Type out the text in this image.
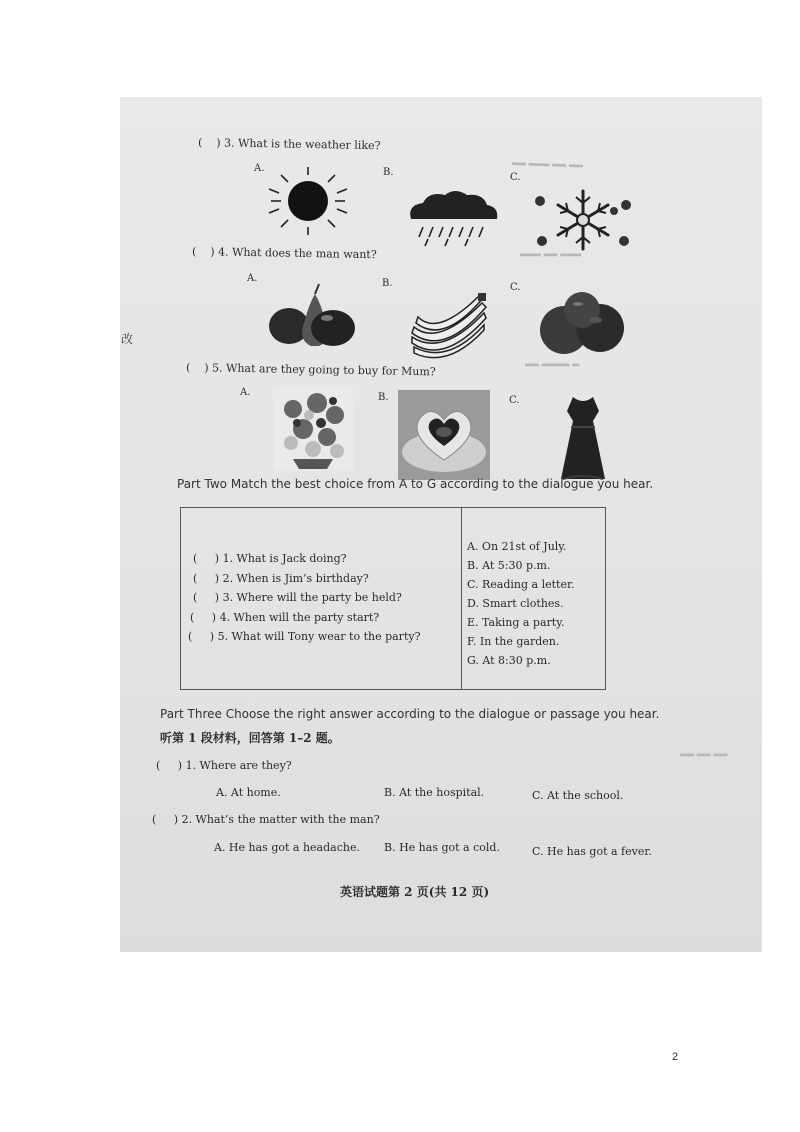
▂▂ ▂▂▂ ▂▂ ▂▂
▂▂▂ ▂▂ ▂▂▂
▂▂ ▂▂▂▂ ▂
▂▂ ▂▂ ▂▂
( ) 3. What is the weather like?
A.	B.	C.
( ) 4. What does the man want?
A.	B.	C.
( ) 5. What are they going to buy for Mum?
A.	B.	C.
Part Two Match the best choice from A to G according to the dialogue you hear.
( ) 1. What is Jack doing?
( ) 2. When is Jim’s birthday?
( ) 3. Where will the party be held?
( ) 4. When will the party start?
( ) 5. What will Tony wear to the party?
A. On 21st of July.
B. At 5:30 p.m.
C. Reading a letter.
D. Smart clothes.
E. Taking a party.
F. In the garden.
G. At 8:30 p.m.
Part Three Choose the right answer according to the dialogue or passage you hear.
听第 1 段材料，回答第 1–2 题。
( ) 1. Where are they?
A. At home.	B. At the hospital.	C. At the school.
( ) 2. What’s the matter with the man?
A. He has got a headache. B. He has got a cold.	C. He has got a fever.
英语试题第 2 页(共 12 页)
改
2
